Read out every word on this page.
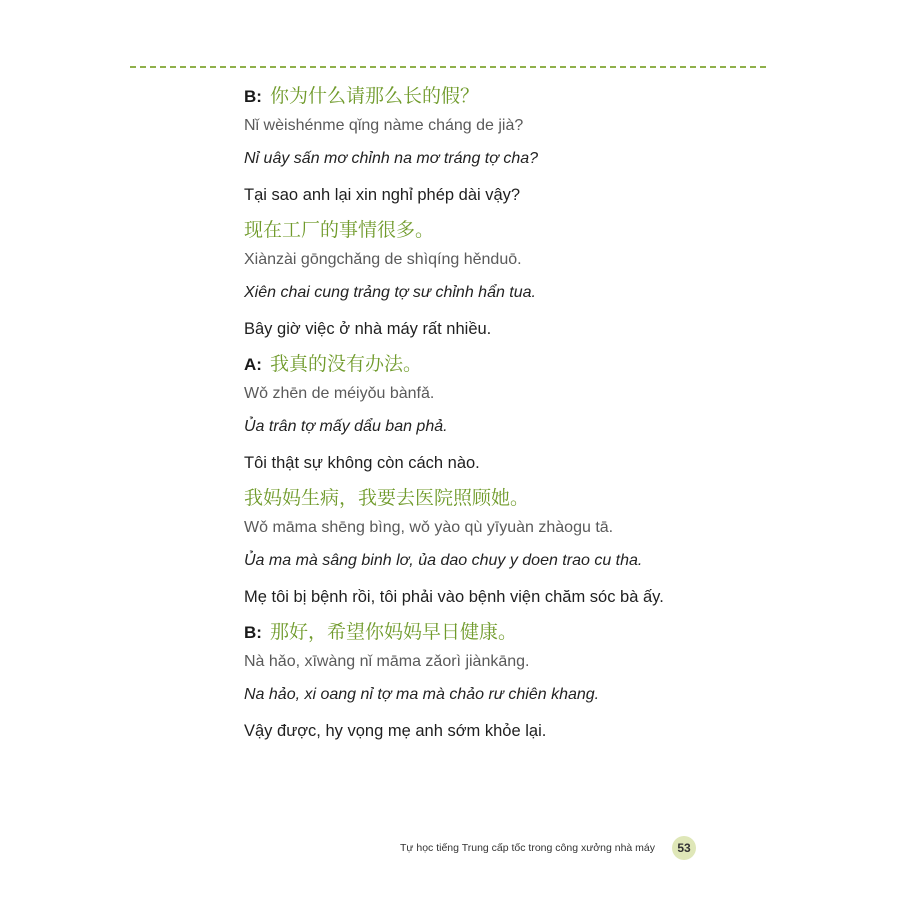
B: 你为什么请那么长的假？
Nǐ wèishénme qǐng nàme cháng de jià?
Nỉ uây sấn mơ chỉnh na mơ tráng tợ cha?
Tại sao anh lại xin nghỉ phép dài vậy?
现在工厂的事情很多。
Xiànzài gōngchǎng de shìqíng hěnduō.
Xiên chai cung trảng tợ sư chỉnh hẩn tua.
Bây giờ việc ở nhà máy rất nhiều.
A: 我真的没有办法。
Wǒ zhēn de méiyǒu bànfǎ.
Ủa trân tợ mấy dẩu ban phả.
Tôi thật sự không còn cách nào.
我妈妈生病，我要去医院照顾她。
Wǒ māma shēng bìng, wǒ yào qù yīyuàn zhàogu tā.
Ủa ma mà sâng binh lơ, ủa dao chuy y doen trao cu tha.
Mẹ tôi bị bệnh rồi, tôi phải vào bệnh viện chăm sóc bà ấy.
B: 那好，希望你妈妈早日健康。
Nà hǎo, xīwàng nǐ māma zǎorì jiànkāng.
Na hảo, xi oang nỉ tợ ma mà chảo rư chiên khang.
Vậy được, hy vọng mẹ anh sớm khỏe lại.
Tự học tiếng Trung cấp tốc trong công xưởng nhà máy	53
